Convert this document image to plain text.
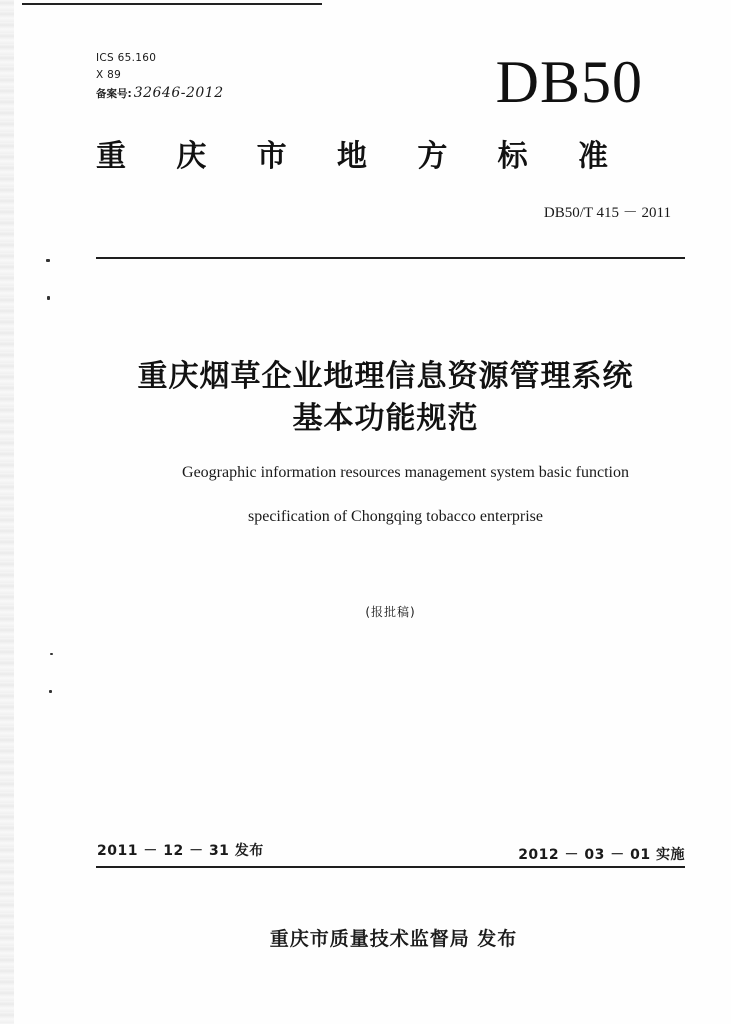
ICS 65.160
X 89
备案号: 32646-2012	DB50
重 庆 市 地 方 标 准
DB50/T 415 － 2011
重庆烟草企业地理信息资源管理系统
基本功能规范
Geographic information resources management system basic function
specification of Chongqing tobacco enterprise
(报批稿)
2011 － 12 － 31 发布	2012 － 03 － 01 实施
重庆市质量技术监督局 发布
